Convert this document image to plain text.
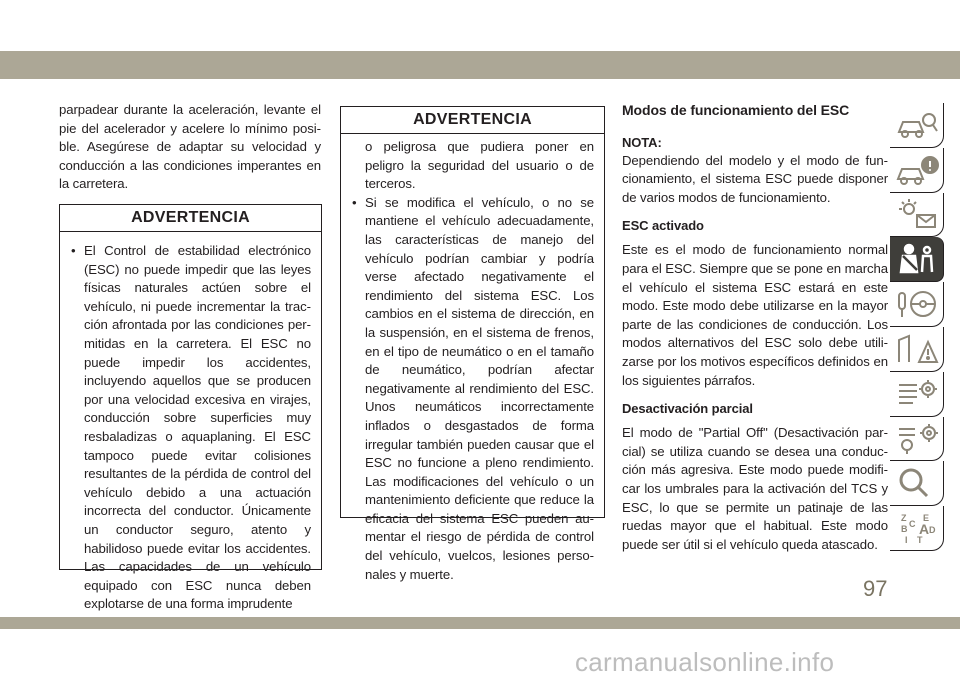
parpadear durante la aceleración, levante el pie del acelerador y acelere lo mínimo posible. Asegúrese de adaptar su velocidad y conducción a las condiciones imperantes en la carretera.

ADVERTENCIA
• El Control de estabilidad electrónico (ESC) no puede impedir que las leyes físicas naturales actúen sobre el vehículo, ni puede incrementar la tracción afrontada por las condiciones permitidas en la carretera. El ESC no puede impedir los accidentes, incluyendo aquellos que se producen por una velocidad excesiva en virajes, conducción sobre superficies muy resbaladizas o aquaplaning. El ESC tampoco puede evitar colisiones resultantes de la pérdida de control del vehículo debido a una actuación incorrecta del conductor. Únicamente un conductor seguro, atento y habilidoso puede evitar los accidentes. Las capacidades de un vehículo equipado con ESC nunca deben explotarse de una forma imprudente
ADVERTENCIA
o peligrosa que pudiera poner en peligro la seguridad del usuario o de terceros.
• Si se modifica el vehículo, o no se mantiene el vehículo adecuadamente, las características de manejo del vehículo podrían cambiar y podría verse afectado negativamente el rendimiento del sistema ESC. Los cambios en el sistema de dirección, en la suspensión, en el sistema de frenos, en el tipo de neumático o en el tamaño de neumático, podrían afectar negativamente al rendimiento del ESC. Unos neumáticos incorrectamente inflados o desgastados de forma irregular también pueden causar que el ESC no funcione a pleno rendimiento. Las modificaciones del vehículo o un mantenimiento deficiente que reduce la eficacia del sistema ESC pueden aumentar el riesgo de pérdida de control del vehículo, vuelcos, lesiones personales y muerte.
Modos de funcionamiento del ESC
NOTA:

Dependiendo del modelo y el modo de funcionamiento, el sistema ESC puede disponer de varios modos de funcionamiento.

ESC activado

Este es el modo de funcionamiento normal para el ESC. Siempre que se pone en marcha el vehículo el sistema ESC estará en este modo. Este modo debe utilizarse en la mayor parte de las condiciones de conducción. Los modos alternativos del ESC solo debe utilizarse por los motivos específicos definidos en los siguientes párrafos.

Desactivación parcial

El modo de "Partial Off" (Desactivación parcial) se utiliza cuando se desea una conducción más agresiva. Este modo puede modificar los umbrales para la activación del TCS y ESC, lo que se permite un patinaje de las ruedas mayor que el habitual. Este modo puede ser útil si el vehículo queda atascado.

Z E
B A
C
D
I T
97
carmanualsonline.info
